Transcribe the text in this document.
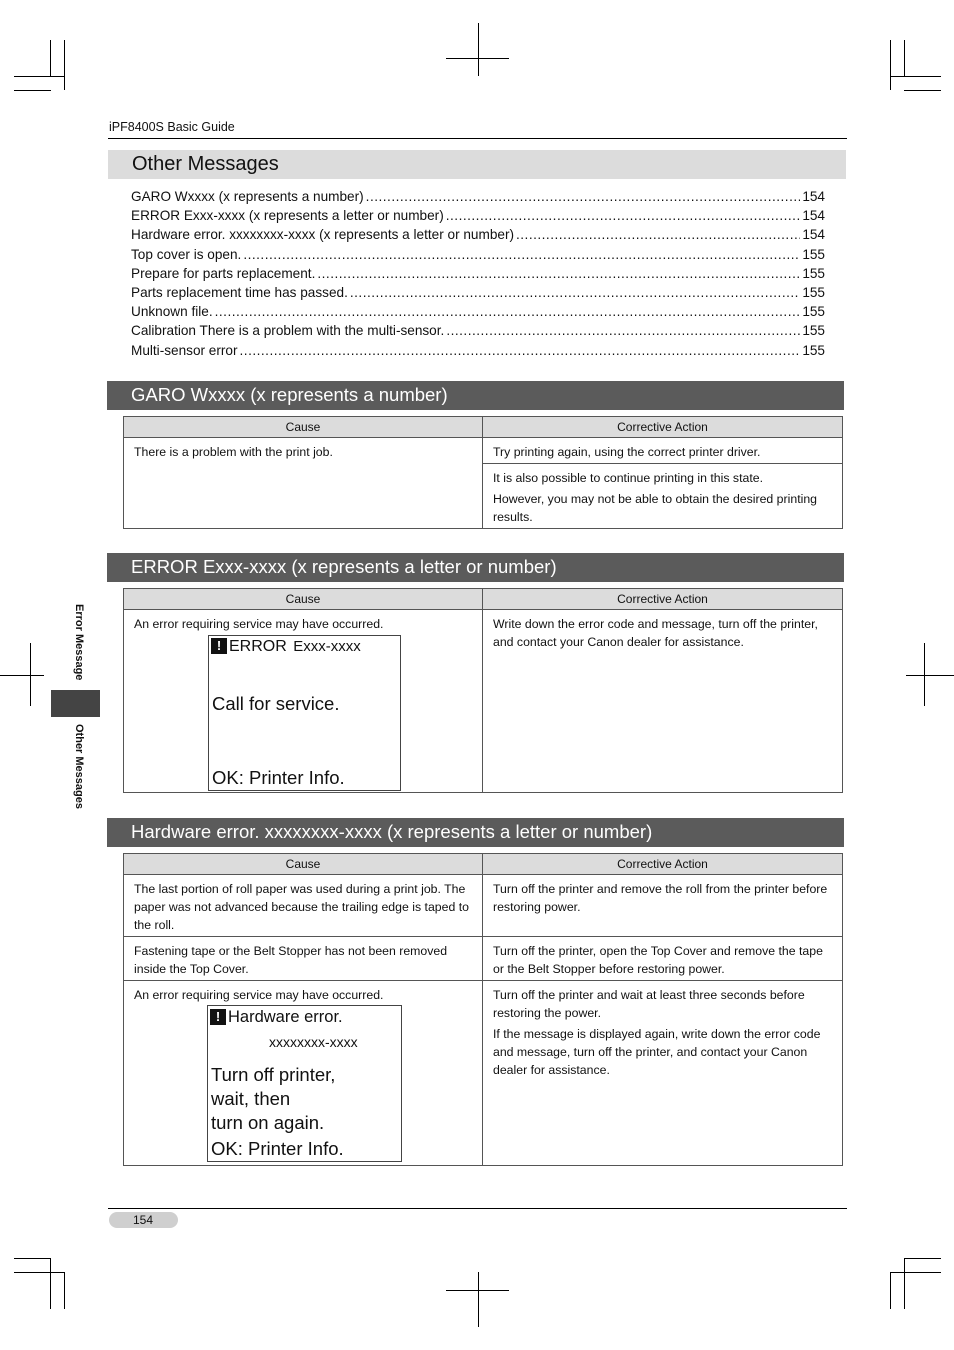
iPF8400S Basic Guide
Other Messages
GARO Wxxxx (x represents a number) .....	154
ERROR Exxx-xxxx (x represents a letter or number) .....	154
Hardware error. xxxxxxxx-xxxx (x represents a letter or number) .....	154
Top cover is open. .....	155
Prepare for parts replacement. .....	155
Parts replacement time has passed. .....	155
Unknown file. .....	155
Calibration There is a problem with the multi-sensor. .....	155
Multi-sensor error .....	155
GARO Wxxxx (x represents a number)
Cause	Corrective Action

There is a problem with the print job.	Try printing again, using the correct printer driver.

	It is also possible to continue printing in this state.

However, you may not be able to obtain the desired printing results.

ERROR Exxx-xxxx (x represents a letter or number)
Cause	Corrective Action

An error requiring service may have occurred.	Write down the error code and message, turn off the printer, and contact your Canon dealer for assistance.

! ERROR Exxx-xxxx
Call for service.
OK: Printer Info.
Hardware error. xxxxxxxx-xxxx (x represents a letter or number)
Cause	Corrective Action

The last portion of roll paper was used during a print job. The paper was not advanced because the trailing edge is taped to the roll.	Turn off the printer and remove the roll from the printer before restoring power.

Fastening tape or the Belt Stopper has not been removed inside the Top Cover.	Turn off the printer, open the Top Cover and remove the tape or the Belt Stopper before restoring power.

An error requiring service may have occurred.	Turn off the printer and wait at least three seconds before restoring the power.

If the message is displayed again, write down the error code and message, turn off the printer, and contact your Canon dealer for assistance.

! Hardware error.
xxxxxxxx-xxxx
Turn off printer,
wait, then
turn on again.
OK: Printer Info.
Error Message
Other Messages
154
